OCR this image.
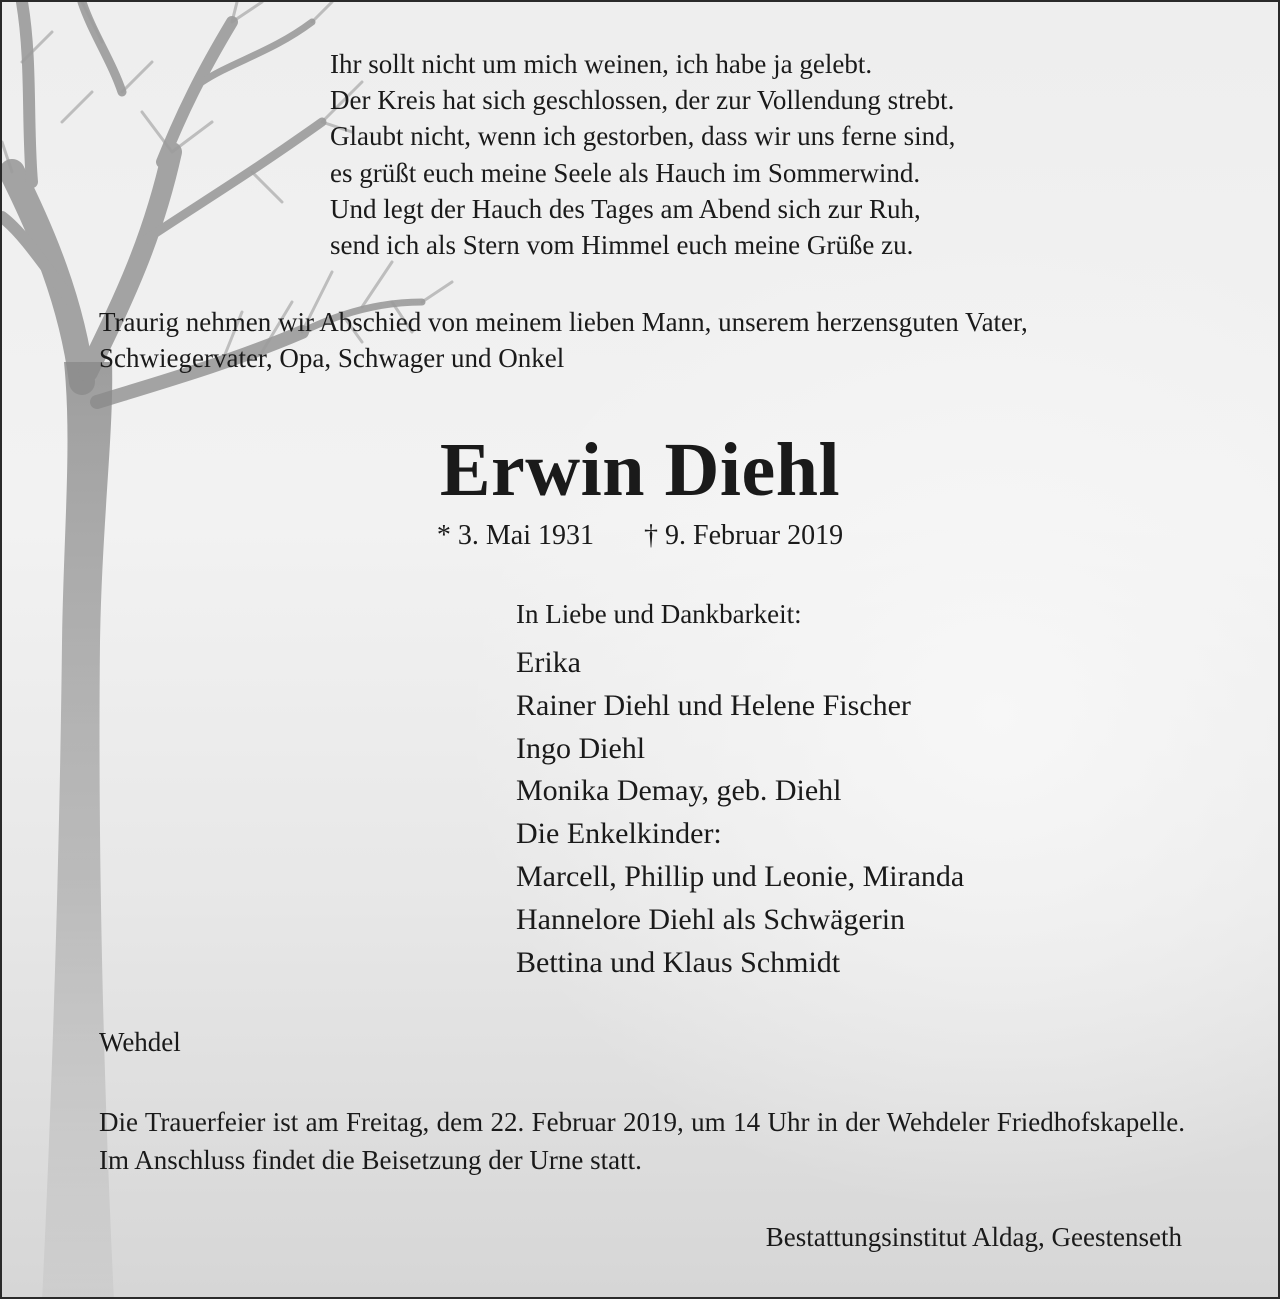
Ihr sollt nicht um mich weinen, ich habe ja gelebt.
Der Kreis hat sich geschlossen, der zur Vollendung strebt.
Glaubt nicht, wenn ich gestorben, dass wir uns ferne sind,
es grüßt euch meine Seele als Hauch im Sommerwind.
Und legt der Hauch des Tages am Abend sich zur Ruh,
send ich als Stern vom Himmel euch meine Grüße zu.

Traurig nehmen wir Abschied von meinem lieben Mann, unserem herzensguten Vater, Schwiegervater, Opa, Schwager und Onkel

Erwin Diehl
* 3. Mai 1931 † 9. Februar 2019

In Liebe und Dankbarkeit:

Erika
Rainer Diehl und Helene Fischer
Ingo Diehl
Monika Demay, geb. Diehl
Die Enkelkinder:
Marcell, Phillip und Leonie, Miranda
Hannelore Diehl als Schwägerin
Bettina und Klaus Schmidt

Wehdel

Die Trauerfeier ist am Freitag, dem 22. Februar 2019, um 14 Uhr in der Wehdeler Friedhofskapelle. Im Anschluss findet die Beisetzung der Urne statt.

Bestattungsinstitut Aldag, Geestenseth
